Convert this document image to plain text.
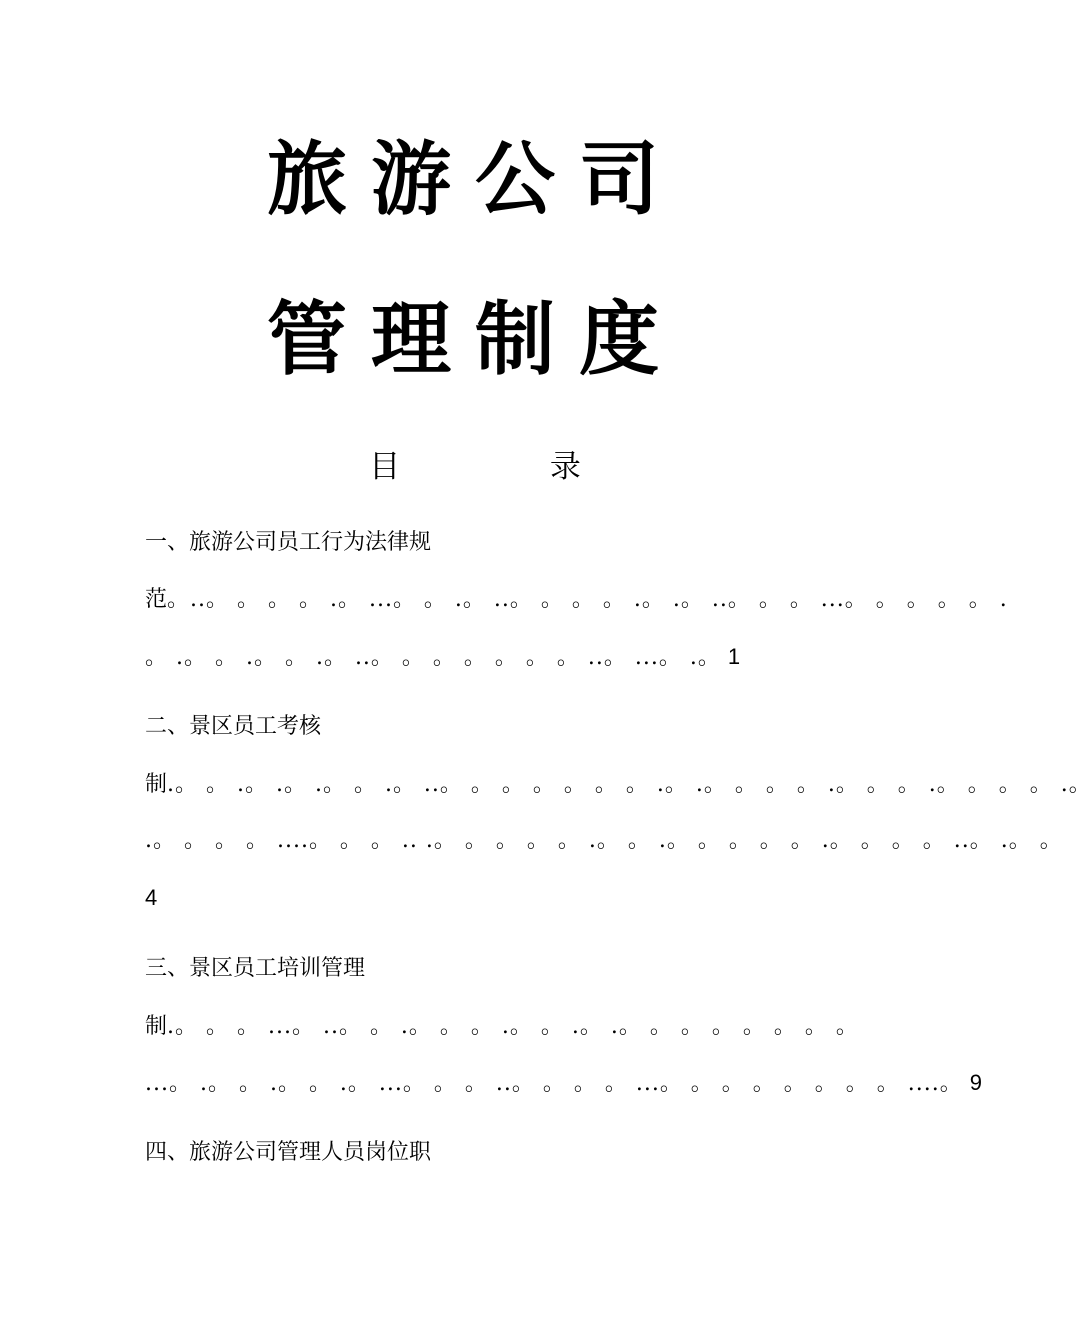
旅游公司
管理制度
目 录
一、旅游公司员工行为法律规
范。..。 。 。 。 .。 ...。 。 .。 ..。 。 。 。 .。 .。 ..。 。 。 ...。 。 。 。 。 .
。 .。 。 .。 。 .。 ..。 。 。 。 。 。 。 ..。 ...。 .。 1
二、景区员工考核
制.。 。 .。 .。 .。 。 .。 ..。 。 。 。 。 。 。 .。 .。 。 。 。 .。 。 。 .。 。 。 。 .。
.。 。 。 。 ....。 。 。 .. .。 。 。 。 。 .。 。 .。 。 。 。 。 .。 。 。 。 ..。 .。 。
4
三、景区员工培训管理
制.。 。 。 ...。 ..。 。 .。 。 。 .。 。 .。 .。 。 。 。 。 。 。 。
...。 .。 。 .。 。 .。 ...。 。 。 ..。 。 。 。 ...。 。 。 。 。 。 。 。 ....。 9
四、旅游公司管理人员岗位职
